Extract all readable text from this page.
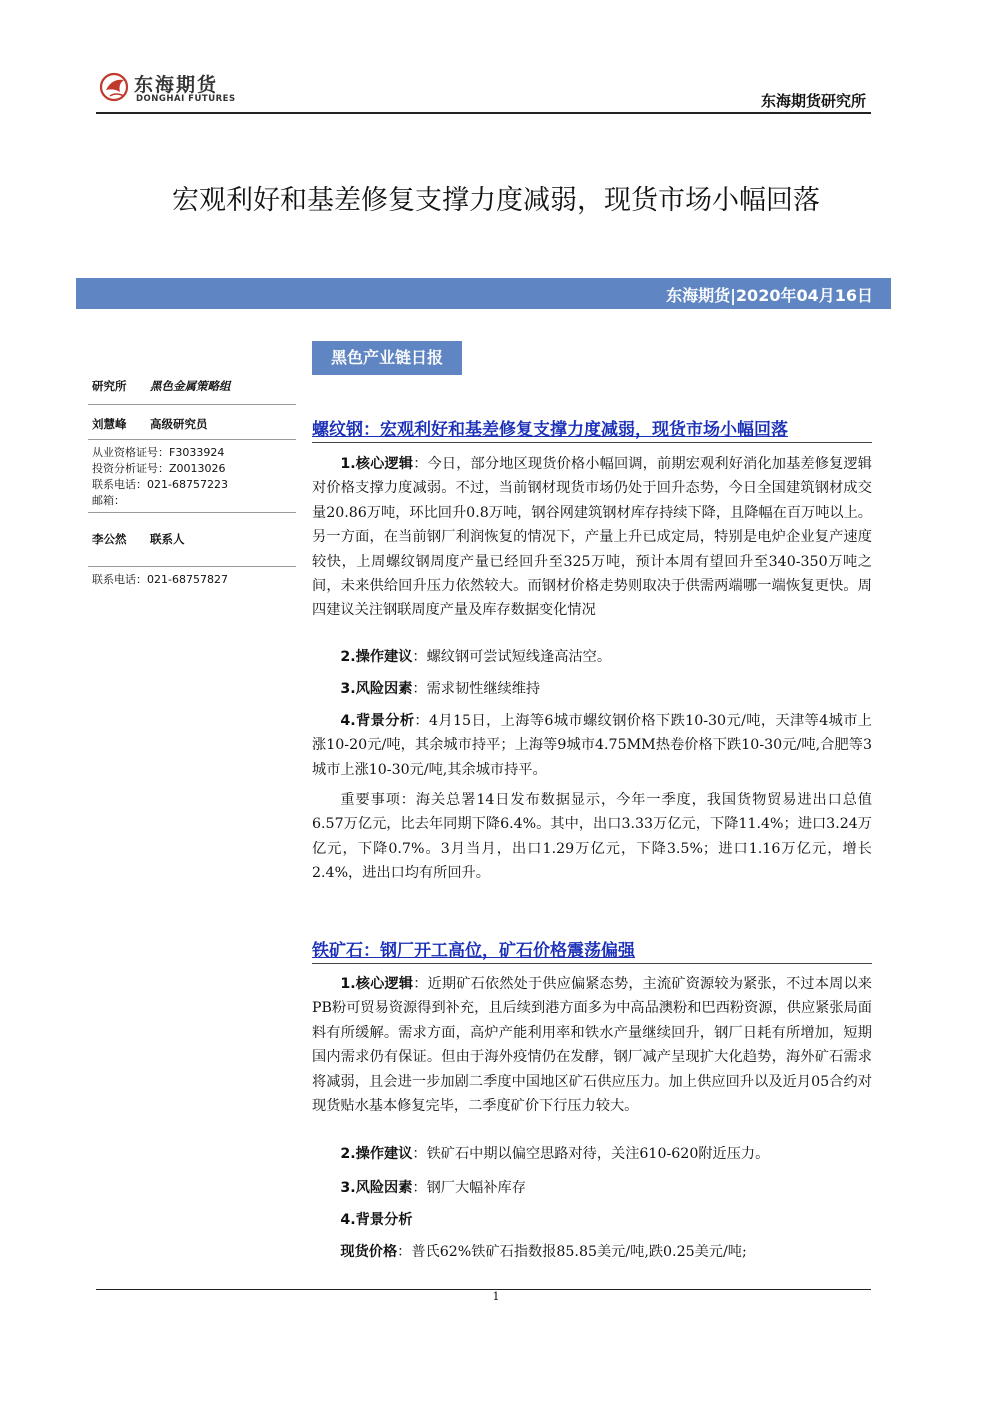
东海期货
DONGHAI FUTURES	东海期货研究所
宏观利好和基差修复支撑力度减弱，现货市场小幅回落
东海期货|2020年04月16日
黑色产业链日报
研究所 黑色金属策略组
刘慧峰 高级研究员
从业资格证号：F3033924
投资分析证号：Z0013026
联系电话：021-68757223
邮箱：
李公然 联系人
联系电话：021-68757827
螺纹钢：宏观利好和基差修复支撑力度减弱，现货市场小幅回落

1.核心逻辑：今日，部分地区现货价格小幅回调，前期宏观利好消化加基差修复逻辑对价格支撑力度减弱。不过，当前钢材现货市场仍处于回升态势，今日全国建筑钢材成交量20.86万吨，环比回升0.8万吨，钢谷网建筑钢材库存持续下降，且降幅在百万吨以上。另一方面，在当前钢厂利润恢复的情况下，产量上升已成定局，特别是电炉企业复产速度较快，上周螺纹钢周度产量已经回升至325万吨，预计本周有望回升至340-350万吨之间，未来供给回升压力依然较大。而钢材价格走势则取决于供需两端哪一端恢复更快。周四建议关注钢联周度产量及库存数据变化情况

2.操作建议：螺纹钢可尝试短线逢高沽空。

3.风险因素：需求韧性继续维持

4.背景分析：4月15日，上海等6城市螺纹钢价格下跌10-30元/吨，天津等4城市上涨10-20元/吨，其余城市持平；上海等9城市4.75MM热卷价格下跌10-30元/吨,合肥等3城市上涨10-30元/吨,其余城市持平。

重要事项：海关总署14日发布数据显示，今年一季度，我国货物贸易进出口总值6.57万亿元，比去年同期下降6.4%。其中，出口3.33万亿元，下降11.4%；进口3.24万亿元，下降0.7%。3月当月，出口1.29万亿元，下降3.5%；进口1.16万亿元，增长2.4%，进出口均有所回升。

铁矿石：钢厂开工高位，矿石价格震荡偏强

1.核心逻辑：近期矿石依然处于供应偏紧态势，主流矿资源较为紧张，不过本周以来PB粉可贸易资源得到补充，且后续到港方面多为中高品澳粉和巴西粉资源，供应紧张局面料有所缓解。需求方面，高炉产能利用率和铁水产量继续回升，钢厂日耗有所增加，短期国内需求仍有保证。但由于海外疫情仍在发酵，钢厂减产呈现扩大化趋势，海外矿石需求将减弱，且会进一步加剧二季度中国地区矿石供应压力。加上供应回升以及近月05合约对现货贴水基本修复完毕，二季度矿价下行压力较大。

2.操作建议：铁矿石中期以偏空思路对待，关注610-620附近压力。
3.风险因素：钢厂大幅补库存
4.背景分析
现货价格：普氏62%铁矿石指数报85.85美元/吨,跌0.25美元/吨;
1
